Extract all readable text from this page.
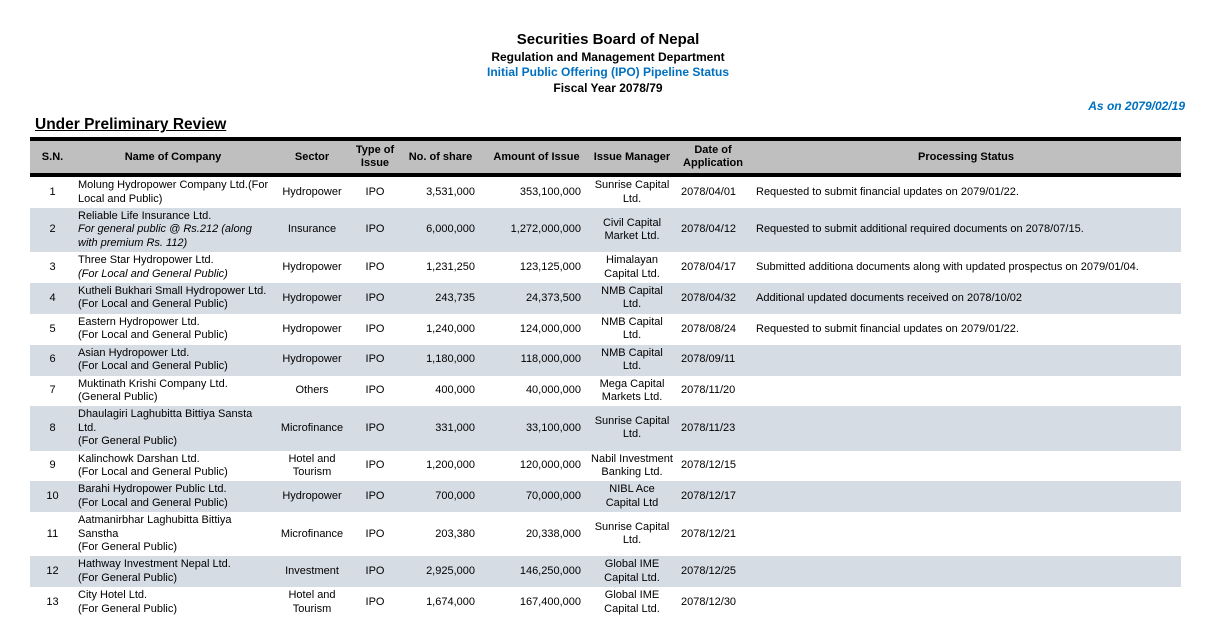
Securities Board of Nepal
Regulation and Management Department
Initial Public Offering (IPO) Pipeline Status
Fiscal Year 2078/79
As on 2079/02/19
Under Preliminary Review
S.N.	Name of Company	Sector	Type of Issue	No. of share	Amount of Issue	Issue Manager	Date of Application	Processing Status
1	Molung Hydropower Company Ltd.(For Local and Public)	Hydropower	IPO	3,531,000	353,100,000	Sunrise Capital Ltd.	2078/04/01	Requested to submit financial updates on 2079/01/22.
2	Reliable Life Insurance Ltd.
For general public @ Rs.212 (along with premium Rs. 112)	Insurance	IPO	6,000,000	1,272,000,000	Civil Capital Market Ltd.	2078/04/12	Requested to submit additional required documents on 2078/07/15.
3	Three Star Hydropower Ltd.
(For Local and General Public)	Hydropower	IPO	1,231,250	123,125,000	Himalayan Capital Ltd.	2078/04/17	Submitted additiona documents along with updated prospectus on 2079/01/04.
4	Kutheli Bukhari Small Hydropower Ltd.
(For Local and General Public)	Hydropower	IPO	243,735	24,373,500	NMB Capital Ltd.	2078/04/32	Additional updated documents received on 2078/10/02
5	Eastern Hydropower Ltd.
(For Local and General Public)	Hydropower	IPO	1,240,000	124,000,000	NMB Capital Ltd.	2078/08/24	Requested to submit financial updates on 2079/01/22.
6	Asian Hydropower Ltd.
(For Local and General Public)	Hydropower	IPO	1,180,000	118,000,000	NMB Capital Ltd.	2078/09/11	
7	Muktinath Krishi Company Ltd.
(General Public)	Others	IPO	400,000	40,000,000	Mega Capital Markets Ltd.	2078/11/20	
8	Dhaulagiri Laghubitta Bittiya Sansta Ltd.
(For General Public)	Microfinance	IPO	331,000	33,100,000	Sunrise Capital Ltd.	2078/11/23	
9	Kalinchowk Darshan Ltd.
(For Local and General Public)	Hotel and Tourism	IPO	1,200,000	120,000,000	Nabil Investment Banking Ltd.	2078/12/15	
10	Barahi Hydropower Public Ltd.
(For Local and General Public)	Hydropower	IPO	700,000	70,000,000	NIBL Ace Capital Ltd	2078/12/17	
11	Aatmanirbhar Laghubitta Bittiya Sanstha
(For General Public)	Microfinance	IPO	203,380	20,338,000	Sunrise Capital Ltd.	2078/12/21	
12	Hathway Investment Nepal Ltd.
(For General Public)	Investment	IPO	2,925,000	146,250,000	Global IME Capital Ltd.	2078/12/25	
13	City Hotel Ltd.
(For General Public)	Hotel and Tourism	IPO	1,674,000	167,400,000	Global IME Capital Ltd.	2078/12/30	
